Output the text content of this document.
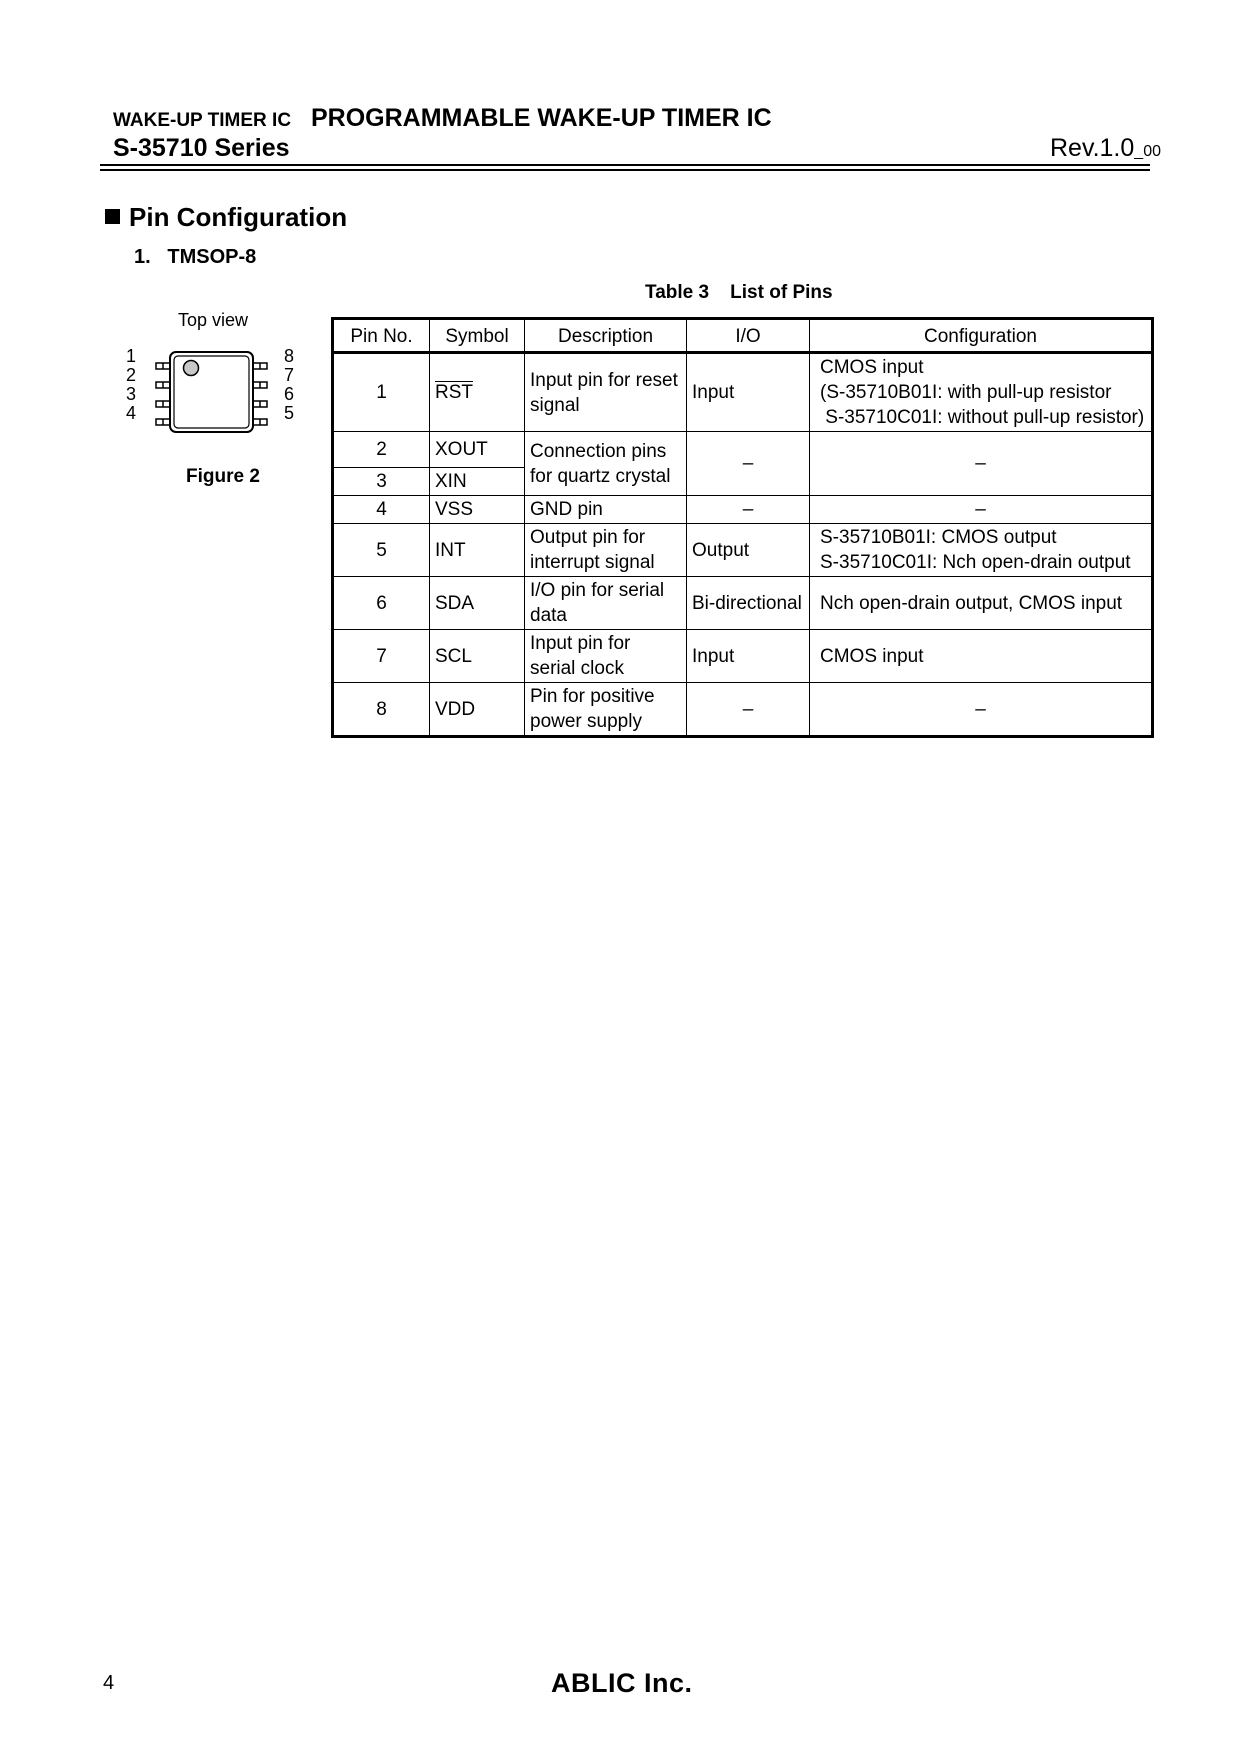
WAKE-UP TIMER IC PROGRAMMABLE WAKE-UP TIMER IC
S-35710 Series	Rev.1.0_00
Pin Configuration
1.   TMSOP-8
Top view
1
2
3
4
8
7
6
5
Figure 2
Table 3    List of Pins
Pin No.	Symbol	Description	I/O	Configuration
1	$\overline{RST}$	Input pin for reset signal	Input	CMOS input
(S-35710B01I: with pull-up resistor
S-35710C01I: without pull-up resistor)

2	XOUT	Connection pins for quartz crystal	–	–
3	XIN			
4	VSS	GND pin	–	–
5	INT	Output pin for interrupt signal	Output	S-35710B01I: CMOS output
S-35710C01I: Nch open-drain output

6	SDA	I/O pin for serial data	Bi-directional	Nch open-drain output, CMOS input
7	SCL	Input pin for serial clock	Input	CMOS input
8	VDD	Pin for positive power supply	–	–
4	ABLIC Inc.
